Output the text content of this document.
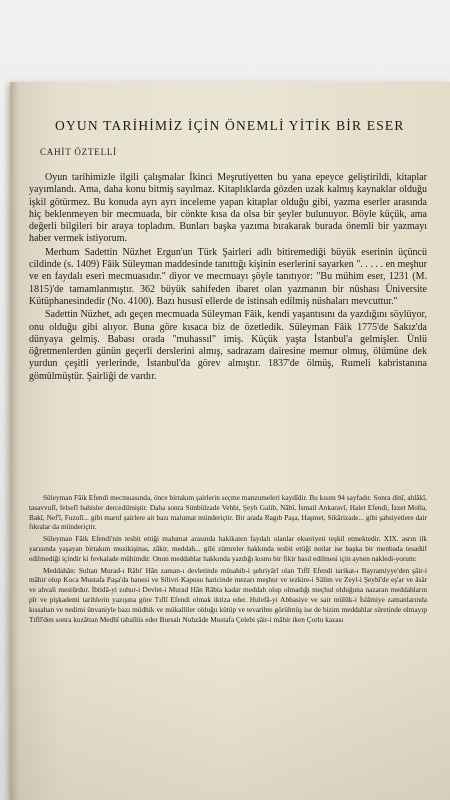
OYUN TARİHİMİZ İÇİN ÖNEMLİ YİTİK BİR ESER

CAHİT ÖZTELLİ

Oyun tarihimizle ilgili çalışmalar İkinci Meşrutiyetten bu yana epeyce geliştirildi, kitaplar yayımlandı. Ama, daha konu bitmiş sayılmaz. Kitaplıklarda gözden uzak kalmış kaynaklar olduğu işkil götürmez. Bu konuda ayrı ayrı inceleme yapan kitaplar olduğu gibi, yazma eserler arasında hiç beklenmeyen bir mecmuada, bir cönkte kısa da olsa bir şeyler bulunuyor. Böyle küçük, ama değerli bilgileri bir araya topladım. Bunları başka yazıma bırakarak burada önemli bir yazmayı haber vermek istiyorum.

Merhum Sadettin Nüzhet Ergun'un Türk Şairleri adlı bitiremediği büyük eserinin üçüncü cildinde (s. 1409) Fâik Süleyman maddesinde tanıttığı kişinin eserlerini sayarken ". . . . . en meşhur ve en faydalı eseri mecmuasıdır." diyor ve mecmuayı şöyle tanıtıyor: "Bu mühim eser, 1231 (M. 1815)'de tamamlanmıştır. 362 büyük sahifeden ibaret olan yazmanın bir nüshası Üniversite Kütüphanesindedir (No. 4100). Bazı hususî ellerde de istinsah edilmiş nüshaları mevcuttur."

Sadettin Nüzhet, adı geçen mecmuada Süleyman Fâik, kendi yaşantısını da yazdığını söylüyor, onu olduğu gibi alıyor. Buna göre kısaca biz de özetledik. Süleyman Fâik 1775'de Sakız'da dünyaya gelmiş. Babası orada "muhassıl" imiş. Küçük yaşta İstanbul'a gelmişler. Ünlü öğretmenlerden günün geçerli derslerini almış, sadrazam dairesine memur olmuş, ölümüne dek yurdun çeşitli yerlerinde, İstanbul'da görev almıştır. 1837'de ölmüş, Rumeli kabristanına gömülmüştür. Şairliği de vardır.

Süleyman Fâik Efendi mecmuasında, önce birtakım şairlerin seçme manzumeleri kaydîdir. Bu kısım 94 sayfadır. Sonra dinî, ahlâkî, tasavvufî, felsefî bahisler dercedilmiştir. Daha sonra Sünbülzade Vehbi, Şeyh Galib, Nâbî, İsmail Ankaravî, Halet Efendi, İzzet Molla, Bakî, Nef'î, Fuzulî... gibi maruf şairlere ait bazı malumat münderiçtir. Bir arada Ragıb Paşa, Haşmet, Sikârizade... gibi şahsiyetlere dair fıkralar da münderiçtir.

Süleyman Fâik Efendi'nin tesbit ettiği malumat arasında hakikaten faydalı olanlar ekseriyeti teşkil etmektedir. XIX. asrın ilk yarısında yaşayan birtakım musikişinas, zâkir, meddah... gibi zümreler hakkında tesbit ettiği notlar ise başka bir menbada tesadüf edilmediği içindir ki fevkalade mühimdir. Onun meddahlar hakkında yazdığı kısmı bir fikir hasıl edilmesi için aynen nakledi-yorum:

Meddahân: Sultan Murad-ı Râbi' Hân zaman-ı devletinde müsahib-i şehriyârî olan Tıflî Efendi tarikat-ı Bayramiyye'den şâir-i mâhir olup Koca Mustafa Paşa'da hanesi ve Silivri Kapusu haricinde mezarı meşhur ve tezkire-i Sâlim ve Zeyl-i Şeyhî'de eş'ar ve âsâr ve ahvali mestûrdur. İbtidâ-yi zuhur-i Devlet-i Murad Hân Râbia kadar meddah olup olmadığı meçhul olduğuna nazaran meddahların pîr ve pişkademi tarihlerin yazışına göre Tıflî Efendi olmak iktiza eder. Hulefâ-yi Abbasiye ve sair mülûk-i İslâmiye zamanlarında kıssahan ve nedimi ünvaniyle bazı müdhik ve mükalliler olduğu kütüp ve tevarihte görülmüş ise de bizim meddahlar süretinde olmayıp Tıflî'den sonra kuzâttan Medhî tahallüs eder Bursalı Nuhzâde Mustafa Çelebi şâir-i mâhir iken Çorlu kazası
